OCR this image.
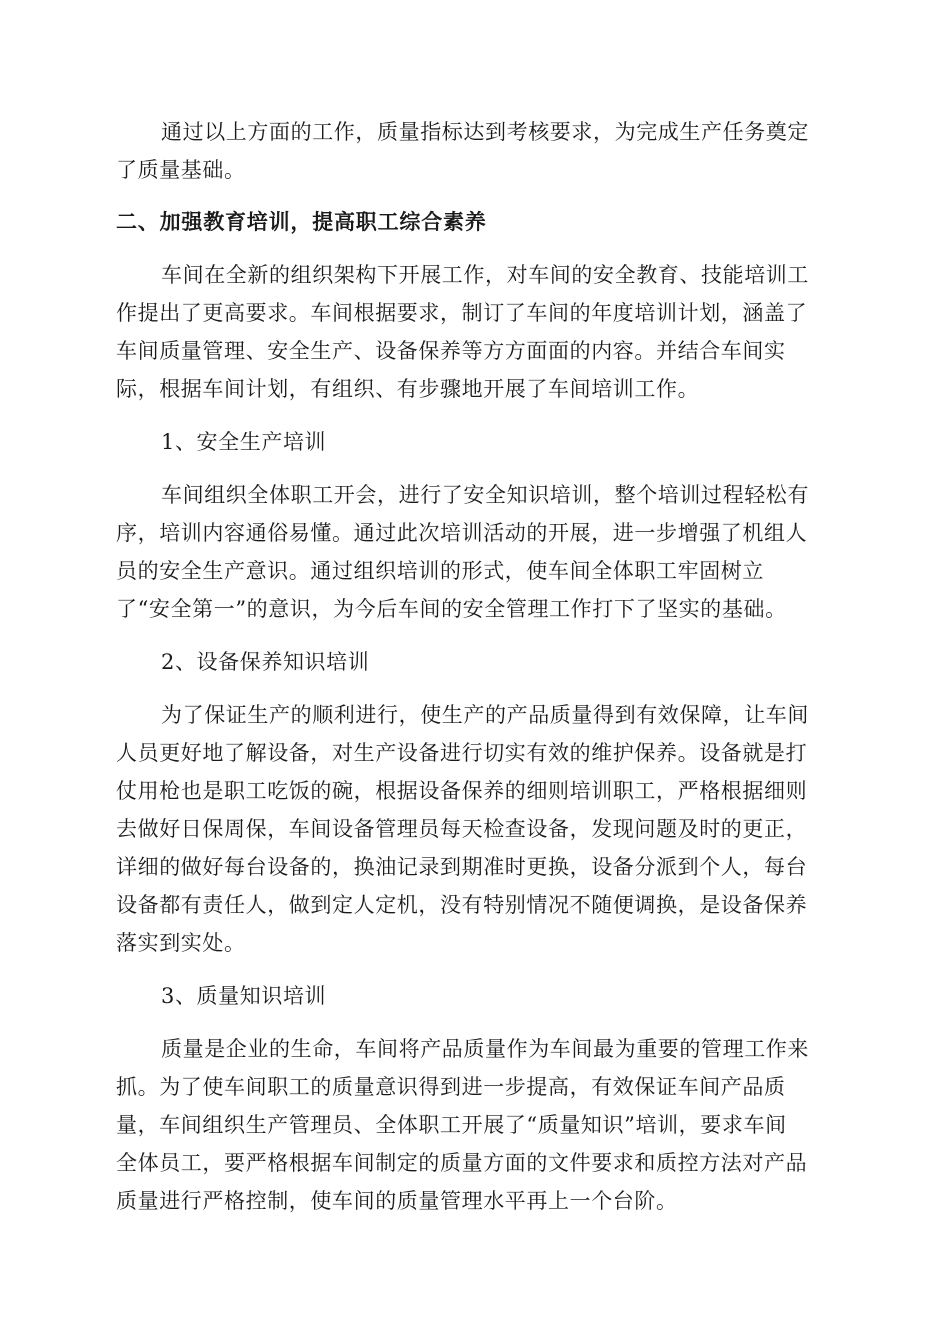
通过以上方面的工作，质量指标达到考核要求，为完成生产任务奠定
了质量基础。
二、加强教育培训，提高职工综合素养
车间在全新的组织架构下开展工作，对车间的安全教育、技能培训工
作提出了更高要求。车间根据要求，制订了车间的年度培训计划，涵盖了
车间质量管理、安全生产、设备保养等方方面面的内容。并结合车间实
际，根据车间计划，有组织、有步骤地开展了车间培训工作。
1、安全生产培训
车间组织全体职工开会，进行了安全知识培训，整个培训过程轻松有
序，培训内容通俗易懂。通过此次培训活动的开展，进一步增强了机组人
员的安全生产意识。通过组织培训的形式，使车间全体职工牢固树立
了“安全第一”的意识，为今后车间的安全管理工作打下了坚实的基础。
2、设备保养知识培训
为了保证生产的顺利进行，使生产的产品质量得到有效保障，让车间
人员更好地了解设备，对生产设备进行切实有效的维护保养。设备就是打
仗用枪也是职工吃饭的碗，根据设备保养的细则培训职工，严格根据细则
去做好日保周保，车间设备管理员每天检查设备，发现问题及时的更正，
详细的做好每台设备的，换油记录到期准时更换，设备分派到个人，每台
设备都有责任人，做到定人定机，没有特别情况不随便调换，是设备保养
落实到实处。
3、质量知识培训
质量是企业的生命，车间将产品质量作为车间最为重要的管理工作来
抓。为了使车间职工的质量意识得到进一步提高，有效保证车间产品质
量，车间组织生产管理员、全体职工开展了“质量知识”培训，要求车间
全体员工，要严格根据车间制定的质量方面的文件要求和质控方法对产品
质量进行严格控制，使车间的质量管理水平再上一个台阶。
